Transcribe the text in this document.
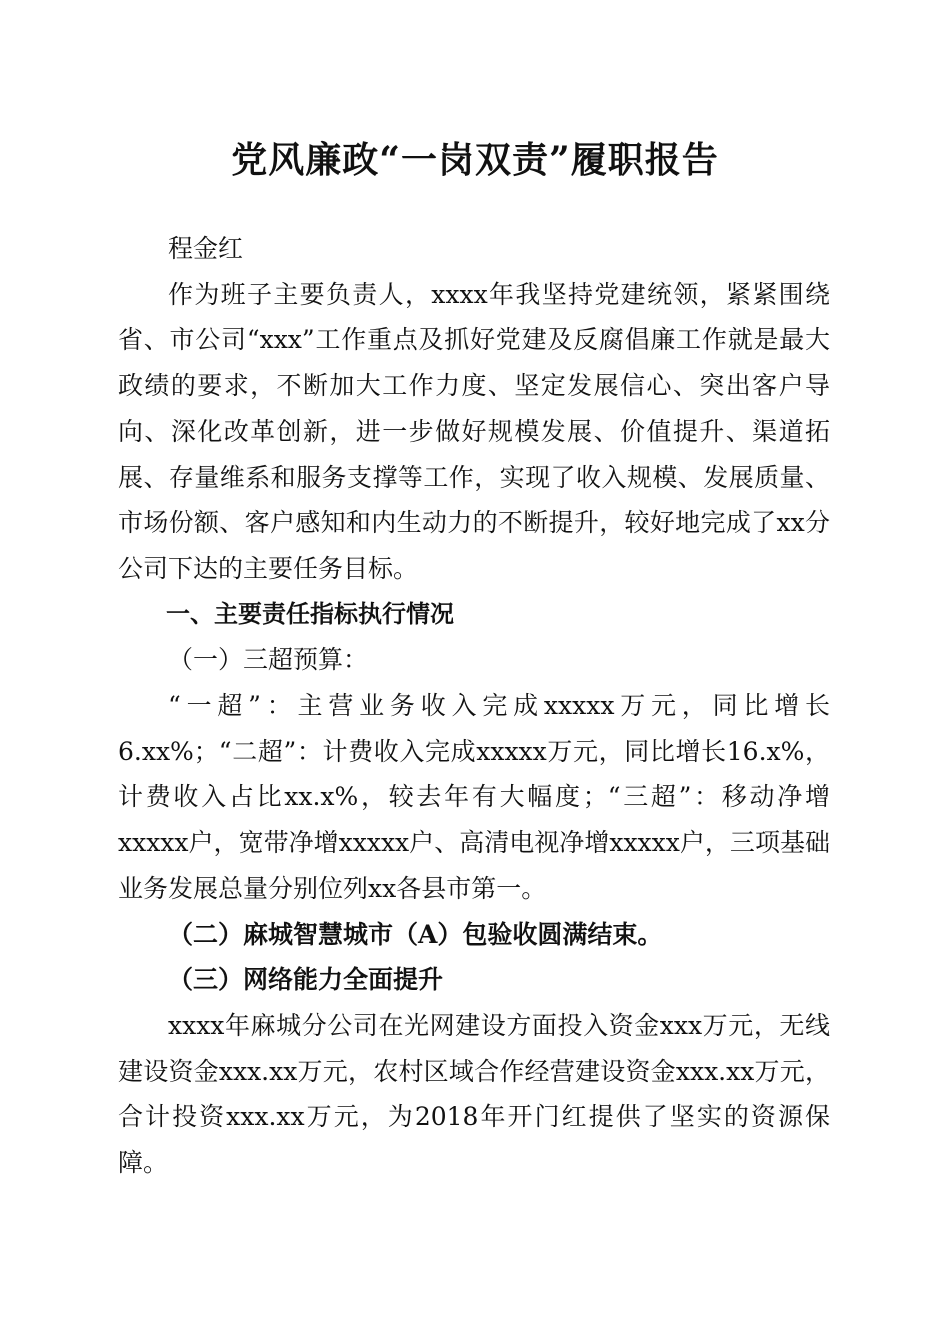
党风廉政“一岗双责”履职报告

程金红

作为班子主要负责人，xxxx年我坚持党建统领，紧紧围绕省、市公司“xxx”工作重点及抓好党建及反腐倡廉工作就是最大政绩的要求，不断加大工作力度、坚定发展信心、突出客户导向、深化改革创新，进一步做好规模发展、价值提升、渠道拓展、存量维系和服务支撑等工作，实现了收入规模、发展质量、市场份额、客户感知和内生动力的不断提升，较好地完成了xx分公司下达的主要任务目标。

一、主要责任指标执行情况

（一）三超预算：

“一超”：主营业务收入完成xxxxx万元，同比增长6.xx%；“二超”：计费收入完成xxxxx万元，同比增长16.x%，计费收入占比xx.x%，较去年有大幅度；“三超”：移动净增xxxxx户，宽带净增xxxxx户、高清电视净增xxxxx户，三项基础业务发展总量分别位列xx各县市第一。

（二）麻城智慧城市（A）包验收圆满结束。

（三）网络能力全面提升

xxxx年麻城分公司在光网建设方面投入资金xxx万元，无线建设资金xxx.xx万元，农村区域合作经营建设资金xxx.xx万元，合计投资xxx.xx万元，为2018年开门红提供了坚实的资源保障。
